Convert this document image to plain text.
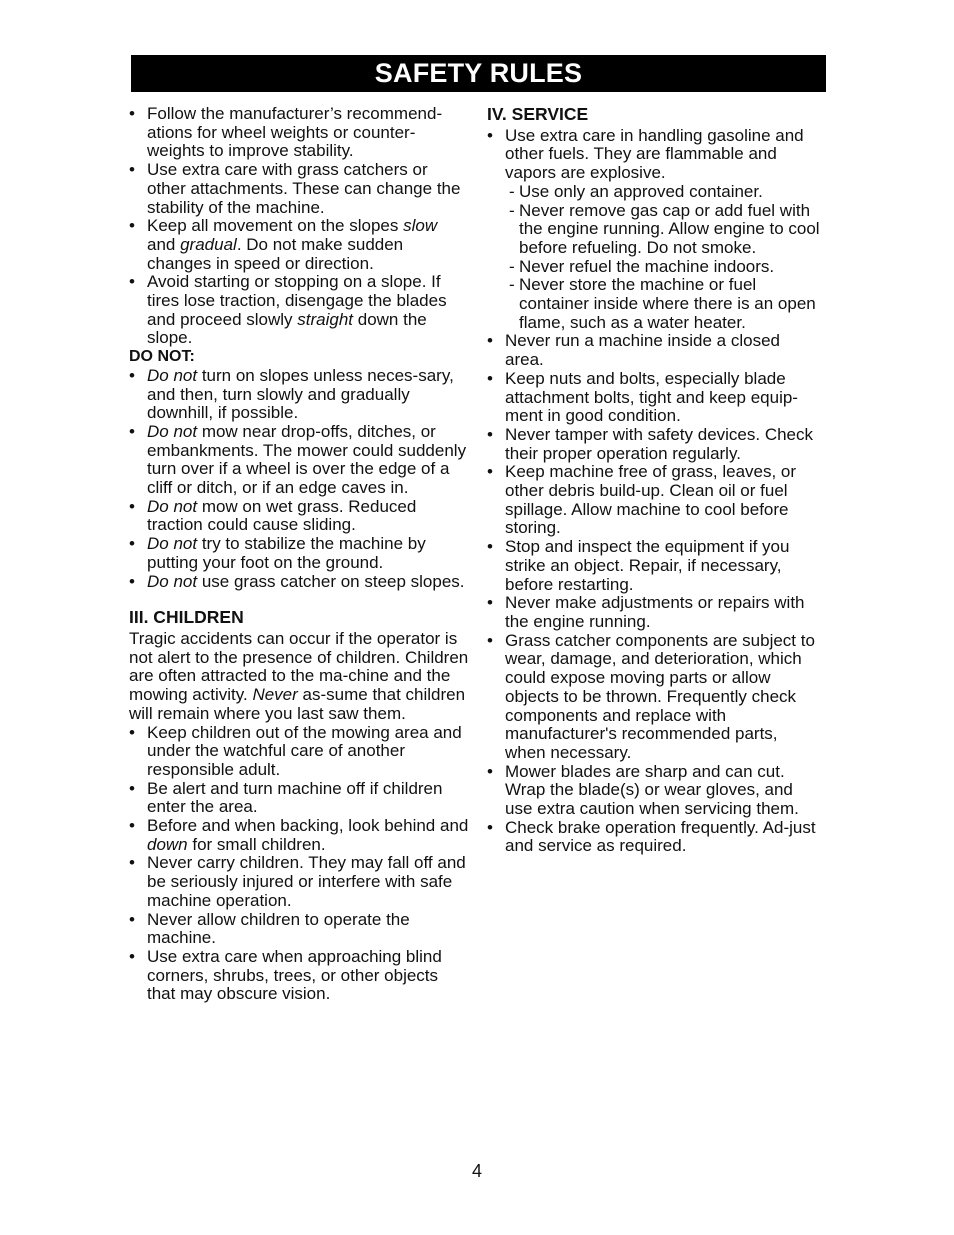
SAFETY RULES
• Follow the manufacturer’s recommend-ations for wheel weights or counter-weights to improve stability.
• Use extra care with grass catchers or other attachments. These can change the stability of the machine.
• Keep all movement on the slopes slow and gradual. Do not make sudden changes in speed or direction.
• Avoid starting or stopping on a slope. If tires lose traction, disengage the blades and proceed slowly straight down the slope.
DO NOT:
• Do not turn on slopes unless neces-sary, and then, turn slowly and gradually downhill, if possible.
• Do not mow near drop-offs, ditches, or embankments. The mower could suddenly turn over if a wheel is over the edge of a cliff or ditch, or if an edge caves in.
• Do not mow on wet grass. Reduced traction could cause sliding.
• Do not try to stabilize the machine by putting your foot on the ground.
• Do not use grass catcher on steep slopes.
III. CHILDREN

Tragic accidents can occur if the operator is not alert to the presence of children. Children are often attracted to the ma-chine and the mowing activity. Never as-sume that children will remain where you last saw them.

• Keep children out of the mowing area and under the watchful care of another responsible adult.
• Be alert and turn machine off if children enter the area.
• Before and when backing, look behind and down for small children.
• Never carry children. They may fall off and be seriously injured or interfere with safe machine operation.
• Never allow children to operate the machine.
• Use extra care when approaching blind corners, shrubs, trees, or other objects that may obscure vision.
IV. SERVICE
• Use extra care in handling gasoline and other fuels. They are flammable and vapors are explosive.
- Use only an approved container.
- Never remove gas cap or add fuel with the engine running. Allow engine to cool before refueling. Do not smoke.
- Never refuel the machine indoors.
- Never store the machine or fuel container inside where there is an open flame, such as a water heater.
• Never run a machine inside a closed area.
• Keep nuts and bolts, especially blade attachment bolts, tight and keep equip-ment in good condition.
• Never tamper with safety devices. Check their proper operation regularly.
• Keep machine free of grass, leaves, or other debris build-up. Clean oil or fuel spillage. Allow machine to cool before storing.
• Stop and inspect the equipment if you strike an object. Repair, if necessary, before restarting.
• Never make adjustments or repairs with the engine running.
• Grass catcher components are subject to wear, damage, and deterioration, which could expose moving parts or allow objects to be thrown. Frequently check components and replace with manufacturer's recommended parts, when necessary.
• Mower blades are sharp and can cut. Wrap the blade(s) or wear gloves, and use extra caution when servicing them.
• Check brake operation frequently. Ad-just and service as required.
4
